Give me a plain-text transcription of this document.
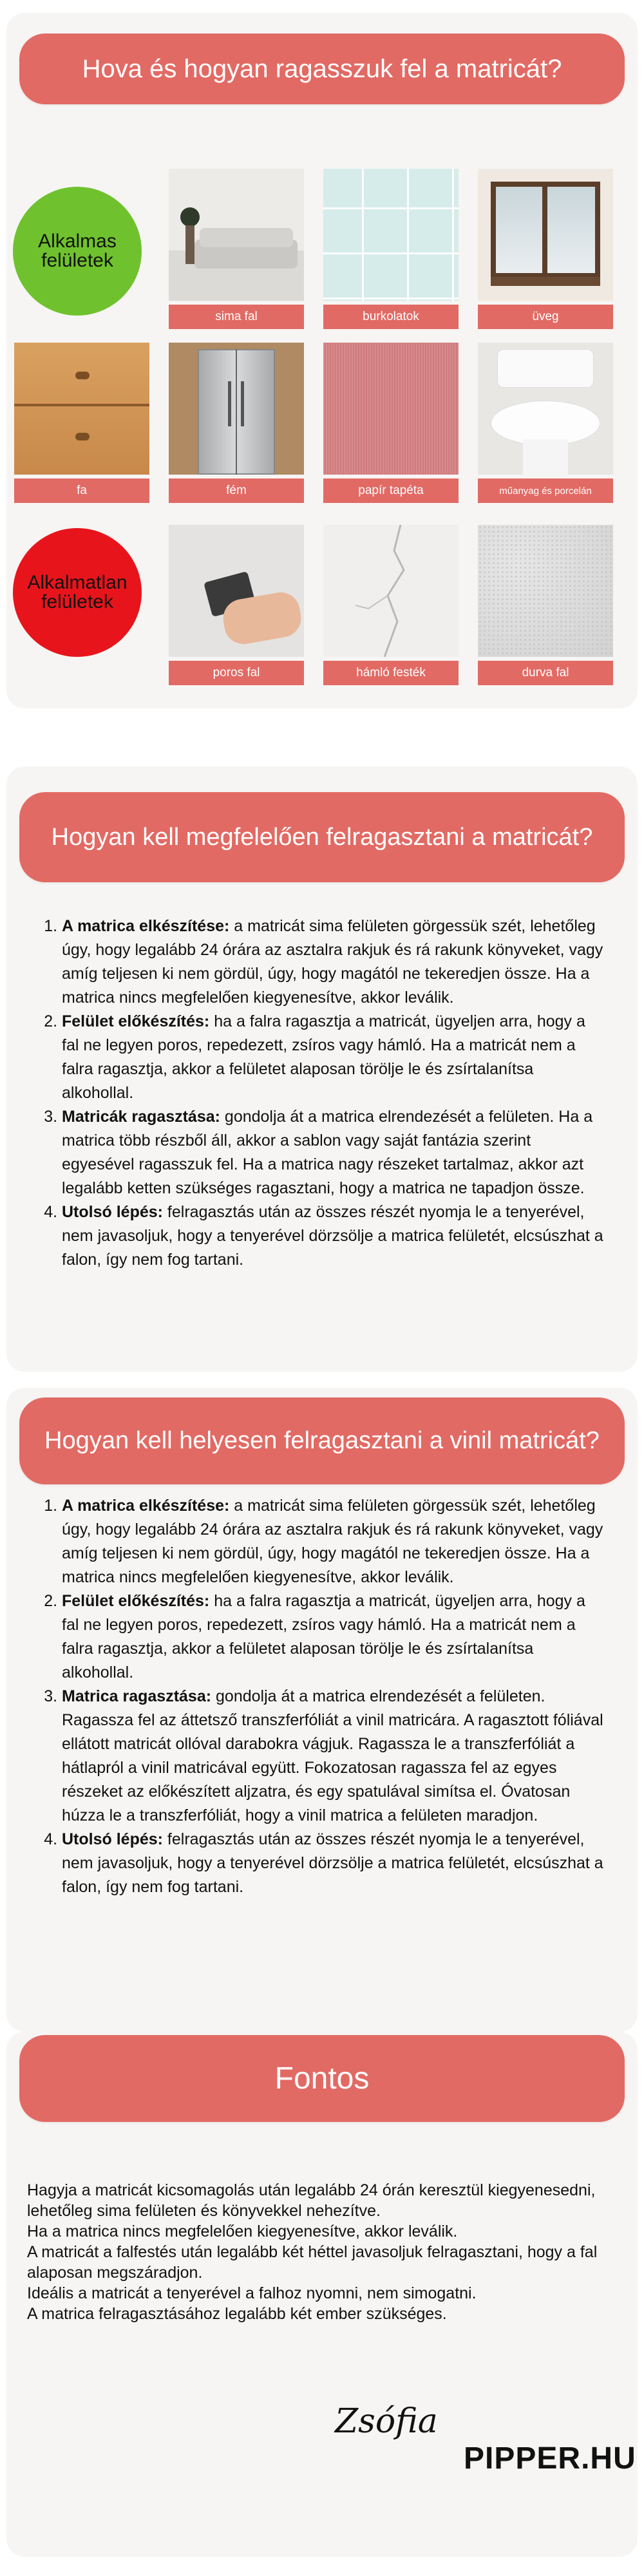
Hova és hogyan ragasszuk fel a matricát?
Alkalmas felületek
sima fal	burkolatok	üveg
fa	fém	papír tapéta	műanyag és porcelán
Alkalmatlan felületek
poros fal	hámló festék	durva fal
Hogyan kell megfelelően felragasztani a matricát?
1. A matrica elkészítése: a matricát sima felületen görgessük szét, lehetőleg úgy, hogy legalább 24 órára az asztalra rakjuk és rá rakunk könyveket, vagy amíg teljesen ki nem gördül, úgy, hogy magától ne tekeredjen össze. Ha a matrica nincs megfelelően kiegyenesítve, akkor leválik.
2. Felület előkészítés: ha a falra ragasztja a matricát, ügyeljen arra, hogy a fal ne legyen poros, repedezett, zsíros vagy hámló. Ha a matricát nem a falra ragasztja, akkor a felületet alaposan törölje le és zsírtalanítsa alkohollal.
3. Matricák ragasztása: gondolja át a matrica elrendezését a felületen. Ha a matrica több részből áll, akkor a sablon vagy saját fantázia szerint egyesével ragasszuk fel. Ha a matrica nagy részeket tartalmaz, akkor azt legalább ketten szükséges ragasztani, hogy a matrica ne tapadjon össze.
4. Utolsó lépés: felragasztás után az összes részét nyomja le a tenyerével, nem javasoljuk, hogy a tenyerével dörzsölje a matrica felületét, elcsúszhat a falon, így nem fog tartani.
Hogyan kell helyesen felragasztani a vinil matricát?
1. A matrica elkészítése: a matricát sima felületen görgessük szét, lehetőleg úgy, hogy legalább 24 órára az asztalra rakjuk és rá rakunk könyveket, vagy amíg teljesen ki nem gördül, úgy, hogy magától ne tekeredjen össze. Ha a matrica nincs megfelelően kiegyenesítve, akkor leválik.
2. Felület előkészítés: ha a falra ragasztja a matricát, ügyeljen arra, hogy a fal ne legyen poros, repedezett, zsíros vagy hámló. Ha a matricát nem a falra ragasztja, akkor a felületet alaposan törölje le és zsírtalanítsa alkohollal.
3. Matrica ragasztása: gondolja át a matrica elrendezését a felületen. Ragassza fel az áttetsző transzferfóliát a vinil matricára. A ragasztott fóliával ellátott matricát ollóval darabokra vágjuk. Ragassza le a transzferfóliát a hátlapról a vinil matricával együtt. Fokozatosan ragassza fel az egyes részeket az előkészített aljzatra, és egy spatulával simítsa el. Óvatosan húzza le a transzferfóliát, hogy a vinil matrica a felületen maradjon.
4. Utolsó lépés: felragasztás után az összes részét nyomja le a tenyerével, nem javasoljuk, hogy a tenyerével dörzsölje a matrica felületét, elcsúszhat a falon, így nem fog tartani.
Fontos

Hagyja a matricát kicsomagolás után legalább 24 órán keresztül kiegyenesedni, lehetőleg sima felületen és könyvekkel nehezítve.

Ha a matrica nincs megfelelően kiegyenesítve, akkor leválik.

A matricát a falfestés után legalább két héttel javasoljuk felragasztani, hogy a fal alaposan megszáradjon.

Ideális a matricát a tenyerével a falhoz nyomni, nem simogatni.

A matrica felragasztásához legalább két ember szükséges.

Zsófia
PIPPER.HU
